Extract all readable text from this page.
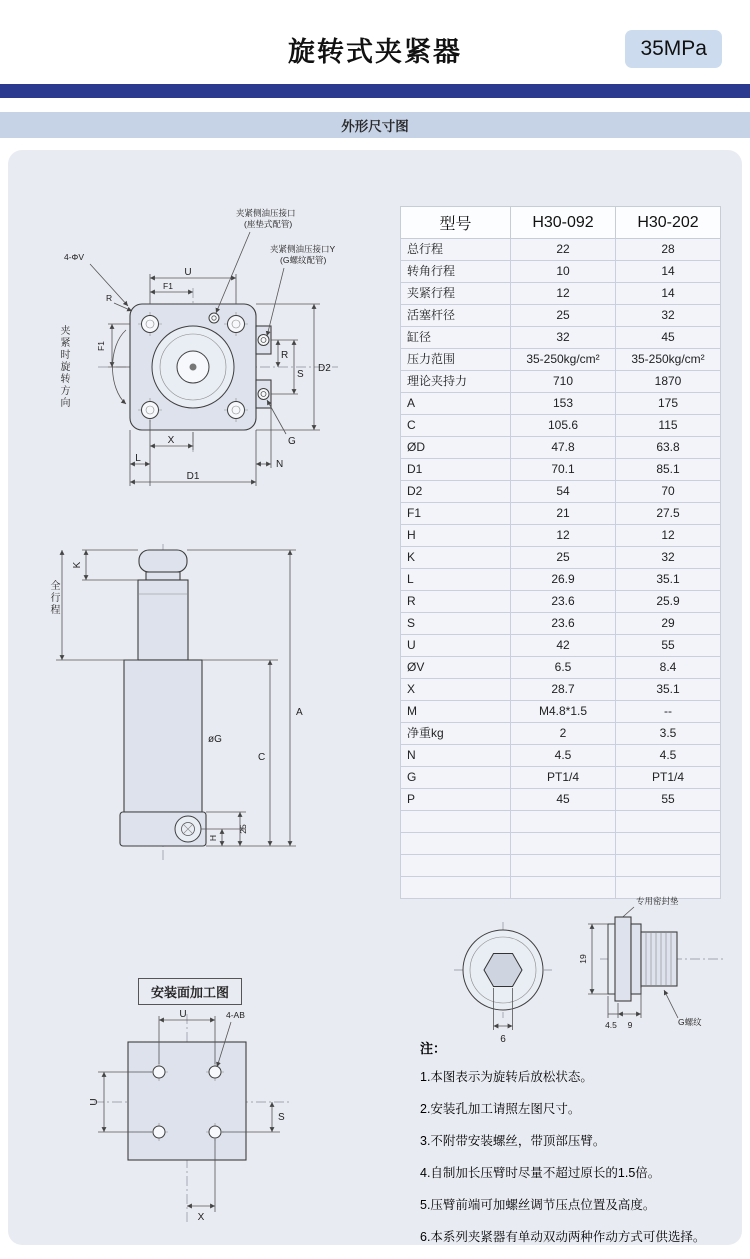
旋转式夹紧器	35MPa
外形尺寸图
夹紧侧油压接口
(座垫式配管)
夹紧侧油压接口Y
(G螺纹配管)
4-ΦV
U
F1
R
F1
X
L
D1
N
G
R
S
D2
夹紧时旋转方向
K
øG
A
C
H
25
全行程
型号	H30-092	H30-202
总行程	22	28
转角行程	10	14
夹紧行程	12	14
活塞杆径	25	32
缸径	32	45
压力范围	35-250kg/cm²	35-250kg/cm²
理论夹持力	710	1870
A	153	175
C	105.6	115
ØD	47.8	63.8
D1	70.1	85.1
D2	54	70
F1	21	27.5
H	12	12
K	25	32
L	26.9	35.1
R	23.6	25.9
S	23.6	29
U	42	55
ØV	6.5	8.4
X	28.7	35.1
M	M4.8*1.5	--
净重kg	2	3.5
N	4.5	4.5
G	PT1/4	PT1/4
P	45	55

安装面加工图
U	4-AB
U
S
X
6
专用密封垫
19
4.5 9	G螺纹
注：
1.本图表示为旋转后放松状态。
2.安装孔加工请照左图尺寸。
3.不附带安装螺丝，带顶部压臂。
4.自制加长压臂时尽量不超过原长的1.5倍。
5.压臂前端可加螺丝调节压点位置及高度。
6.本系列夹紧器有单动双动两种作动方式可供选择。
